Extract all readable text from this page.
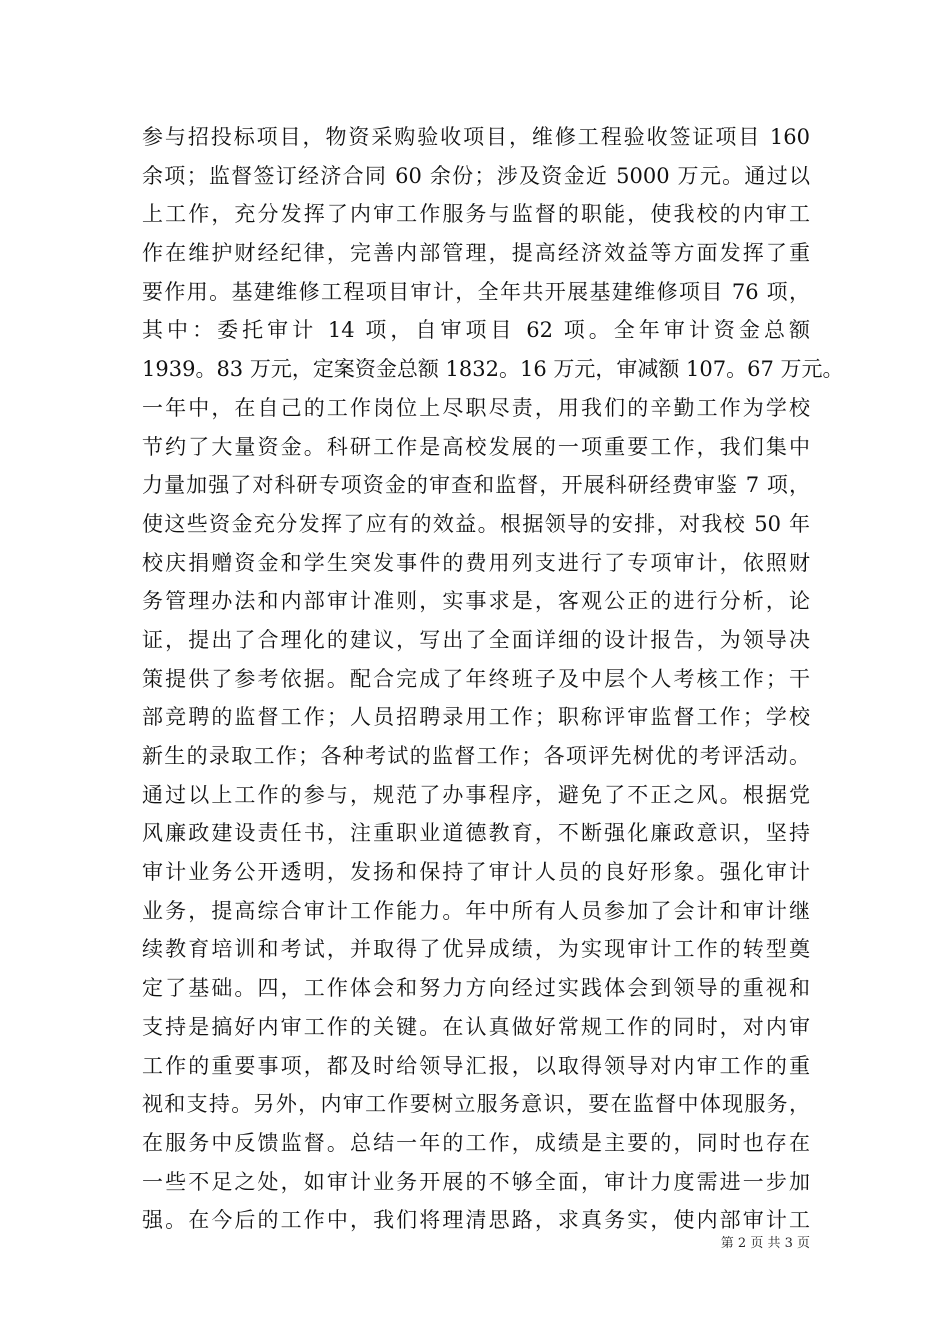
参与招投标项目，物资采购验收项目，维修工程验收签证项目 160
余项；监督签订经济合同 60 余份；涉及资金近 5000 万元。通过以
上工作，充分发挥了内审工作服务与监督的职能，使我校的内审工
作在维护财经纪律，完善内部管理，提高经济效益等方面发挥了重
要作用。基建维修工程项目审计，全年共开展基建维修项目 76 项，
其中：委托审计 14 项，自审项目 62 项。全年审计资金总额
1939。83 万元，定案资金总额 1832。16 万元，审减额 107。67 万元。
一年中，在自己的工作岗位上尽职尽责，用我们的辛勤工作为学校
节约了大量资金。科研工作是高校发展的一项重要工作，我们集中
力量加强了对科研专项资金的审查和监督，开展科研经费审鉴 7 项，
使这些资金充分发挥了应有的效益。根据领导的安排，对我校 50 年
校庆捐赠资金和学生突发事件的费用列支进行了专项审计，依照财
务管理办法和内部审计准则，实事求是，客观公正的进行分析，论
证，提出了合理化的建议，写出了全面详细的设计报告，为领导决
策提供了参考依据。配合完成了年终班子及中层个人考核工作；干
部竞聘的监督工作；人员招聘录用工作；职称评审监督工作；学校
新生的录取工作；各种考试的监督工作；各项评先树优的考评活动。
通过以上工作的参与，规范了办事程序，避免了不正之风。根据党
风廉政建设责任书，注重职业道德教育，不断强化廉政意识，坚持
审计业务公开透明，发扬和保持了审计人员的良好形象。强化审计
业务，提高综合审计工作能力。年中所有人员参加了会计和审计继
续教育培训和考试，并取得了优异成绩，为实现审计工作的转型奠
定了基础。四，工作体会和努力方向经过实践体会到领导的重视和
支持是搞好内审工作的关键。在认真做好常规工作的同时，对内审
工作的重要事项，都及时给领导汇报，以取得领导对内审工作的重
视和支持。另外，内审工作要树立服务意识，要在监督中体现服务，
在服务中反馈监督。总结一年的工作，成绩是主要的，同时也存在
一些不足之处，如审计业务开展的不够全面，审计力度需进一步加
强。在今后的工作中，我们将理清思路，求真务实，使内部审计工
第 2 页 共 3 页
